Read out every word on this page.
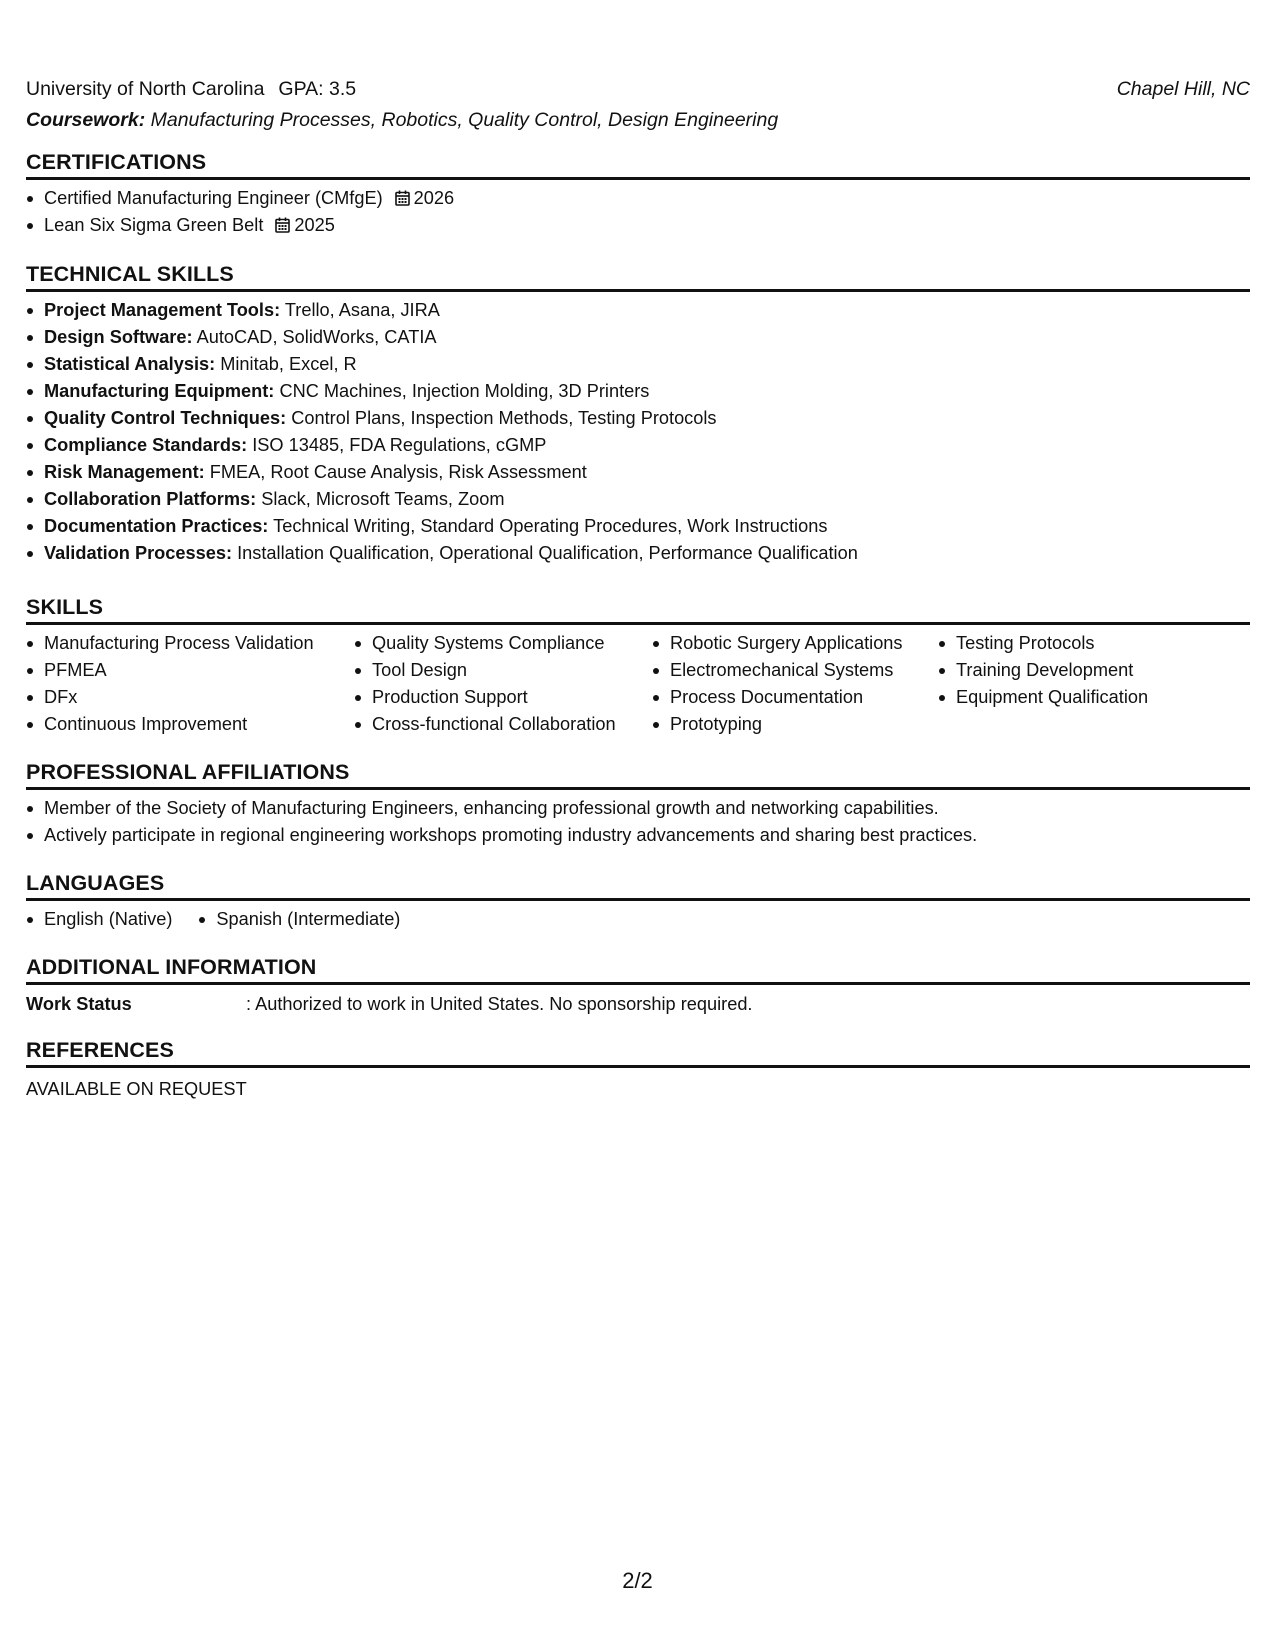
University of North Carolina GPA: 3.5	Chapel Hill, NC
Coursework: Manufacturing Processes, Robotics, Quality Control, Design Engineering
CERTIFICATIONS
Certified Manufacturing Engineer (CMfgE) 2026
Lean Six Sigma Green Belt 2025
TECHNICAL SKILLS
Project Management Tools: Trello, Asana, JIRA
Design Software: AutoCAD, SolidWorks, CATIA
Statistical Analysis: Minitab, Excel, R
Manufacturing Equipment: CNC Machines, Injection Molding, 3D Printers
Quality Control Techniques: Control Plans, Inspection Methods, Testing Protocols
Compliance Standards: ISO 13485, FDA Regulations, cGMP
Risk Management: FMEA, Root Cause Analysis, Risk Assessment
Collaboration Platforms: Slack, Microsoft Teams, Zoom
Documentation Practices: Technical Writing, Standard Operating Procedures, Work Instructions
Validation Processes: Installation Qualification, Operational Qualification, Performance Qualification
SKILLS
Manufacturing Process Validation
PFMEA
DFx
Continuous Improvement
Quality Systems Compliance
Tool Design
Production Support
Cross-functional Collaboration
Robotic Surgery Applications
Electromechanical Systems
Process Documentation
Prototyping
Testing Protocols
Training Development
Equipment Qualification
PROFESSIONAL AFFILIATIONS
Member of the Society of Manufacturing Engineers, enhancing professional growth and networking capabilities.
Actively participate in regional engineering workshops promoting industry advancements and sharing best practices.
LANGUAGES
English (Native)	Spanish (Intermediate)
ADDITIONAL INFORMATION
Work Status	: Authorized to work in United States. No sponsorship required.
REFERENCES
AVAILABLE ON REQUEST
2/2
